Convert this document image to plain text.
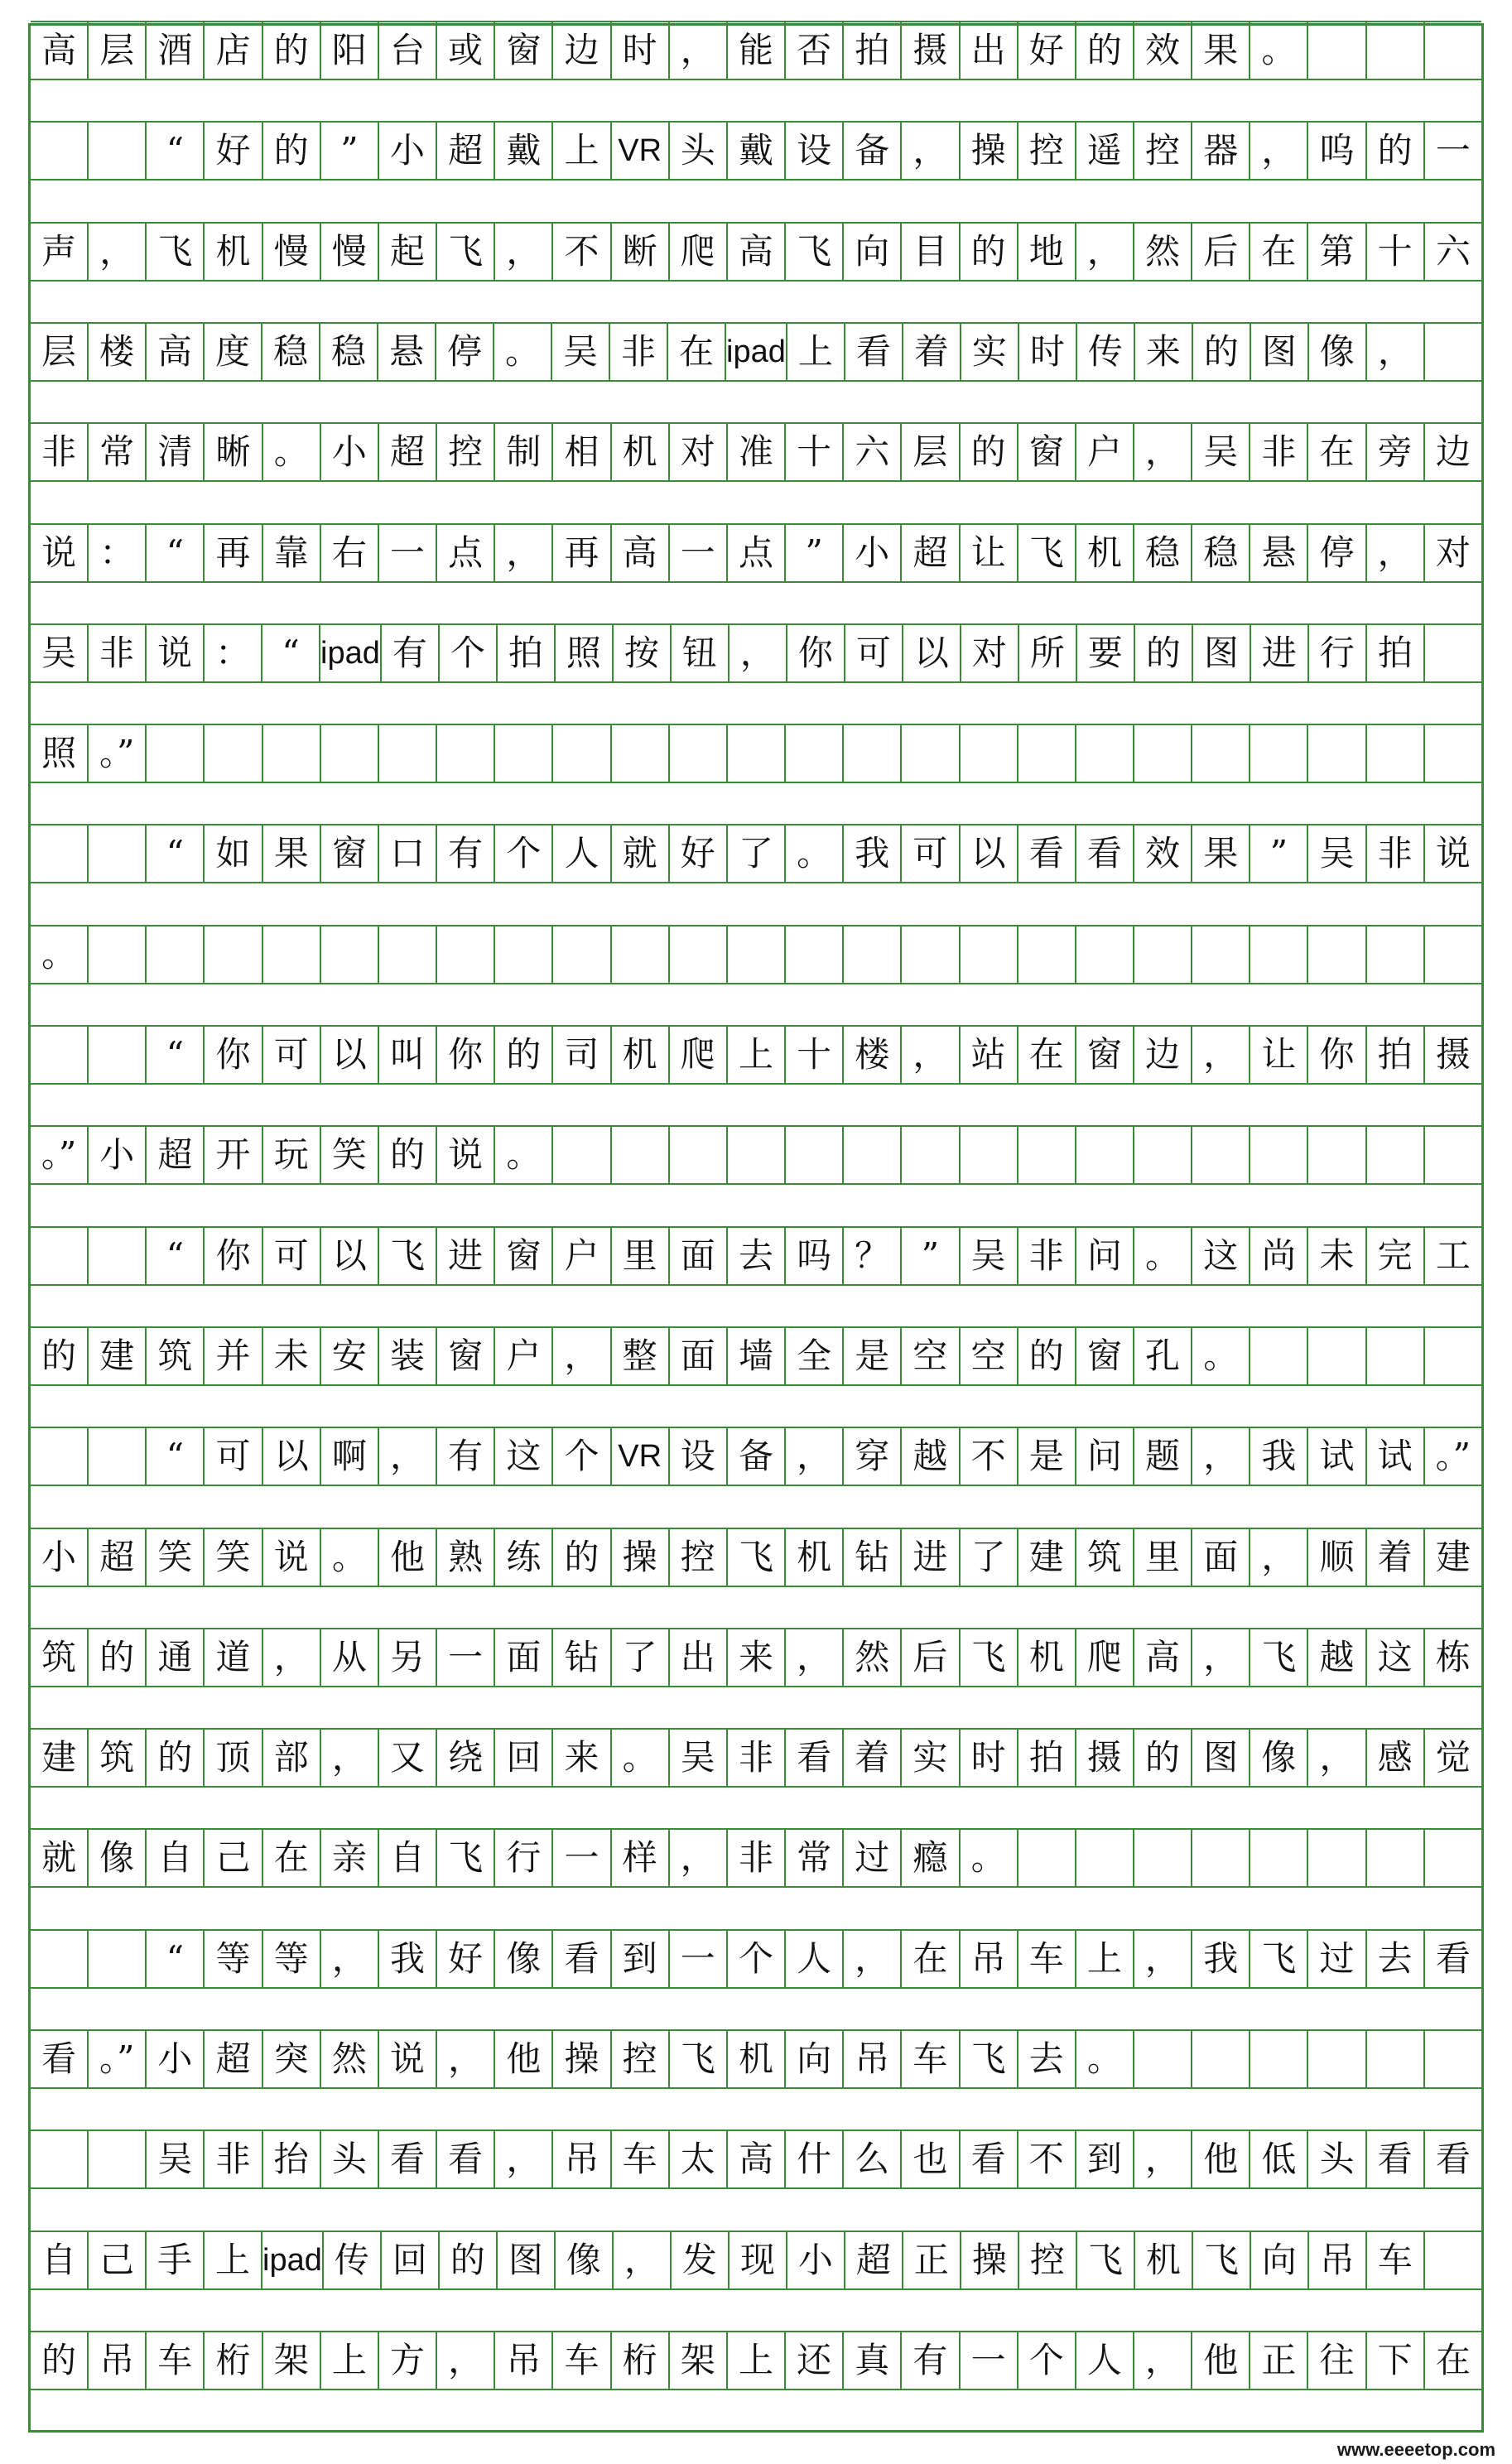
高 层 酒 店 的 阳 台 或 窗 边 时 ， 能 否 拍 摄 出 好 的 效 果 。
“ 好 的 ” 小 超 戴 上 VR 头 戴 设 备 ， 操 控 遥 控 器 ， 呜 的 一
声 ， 飞 机 慢 慢 起 飞 ， 不 断 爬 高 飞 向 目 的 地 ， 然 后 在 第 十 六
层 楼 高 度 稳 稳 悬 停 。 吴 非 在 ipad 上 看 着 实 时 传 来 的 图 像 ，
非 常 清 晰 。 小 超 控 制 相 机 对 准 十 六 层 的 窗 户 ， 吴 非 在 旁 边
说 ： “ 再 靠 右 一 点 ， 再 高 一 点 ” 小 超 让 飞 机 稳 稳 悬 停 ， 对
吴 非 说 ： “ ipad 有 个 拍 照 按 钮 ， 你 可 以 对 所 要 的 图 进 行 拍
照 。”
“ 如 果 窗 口 有 个 人 就 好 了 。 我 可 以 看 看 效 果 ” 吴 非 说
。
“ 你 可 以 叫 你 的 司 机 爬 上 十 楼 ， 站 在 窗 边 ， 让 你 拍 摄
。” 小 超 开 玩 笑 的 说 。
“ 你 可 以 飞 进 窗 户 里 面 去 吗 ？ ” 吴 非 问 。 这 尚 未 完 工
的 建 筑 并 未 安 装 窗 户 ， 整 面 墙 全 是 空 空 的 窗 孔 。
“ 可 以 啊 ， 有 这 个 VR 设 备 ， 穿 越 不 是 问 题 ， 我 试 试 。”
小 超 笑 笑 说 。 他 熟 练 的 操 控 飞 机 钻 进 了 建 筑 里 面 ， 顺 着 建
筑 的 通 道 ， 从 另 一 面 钻 了 出 来 ， 然 后 飞 机 爬 高 ， 飞 越 这 栋
建 筑 的 顶 部 ， 又 绕 回 来 。 吴 非 看 着 实 时 拍 摄 的 图 像 ， 感 觉
就 像 自 己 在 亲 自 飞 行 一 样 ， 非 常 过 瘾 。
“ 等 等 ， 我 好 像 看 到 一 个 人 ， 在 吊 车 上 ， 我 飞 过 去 看
看 。” 小 超 突 然 说 ， 他 操 控 飞 机 向 吊 车 飞 去 。
吴 非 抬 头 看 看 ， 吊 车 太 高 什 么 也 看 不 到 ， 他 低 头 看 看
自 己 手 上 ipad 传 回 的 图 像 ， 发 现 小 超 正 操 控 飞 机 飞 向 吊 车
的 吊 车 桁 架 上 方 ， 吊 车 桁 架 上 还 真 有 一 个 人 ， 他 正 往 下 在
www.eeeetop.com
